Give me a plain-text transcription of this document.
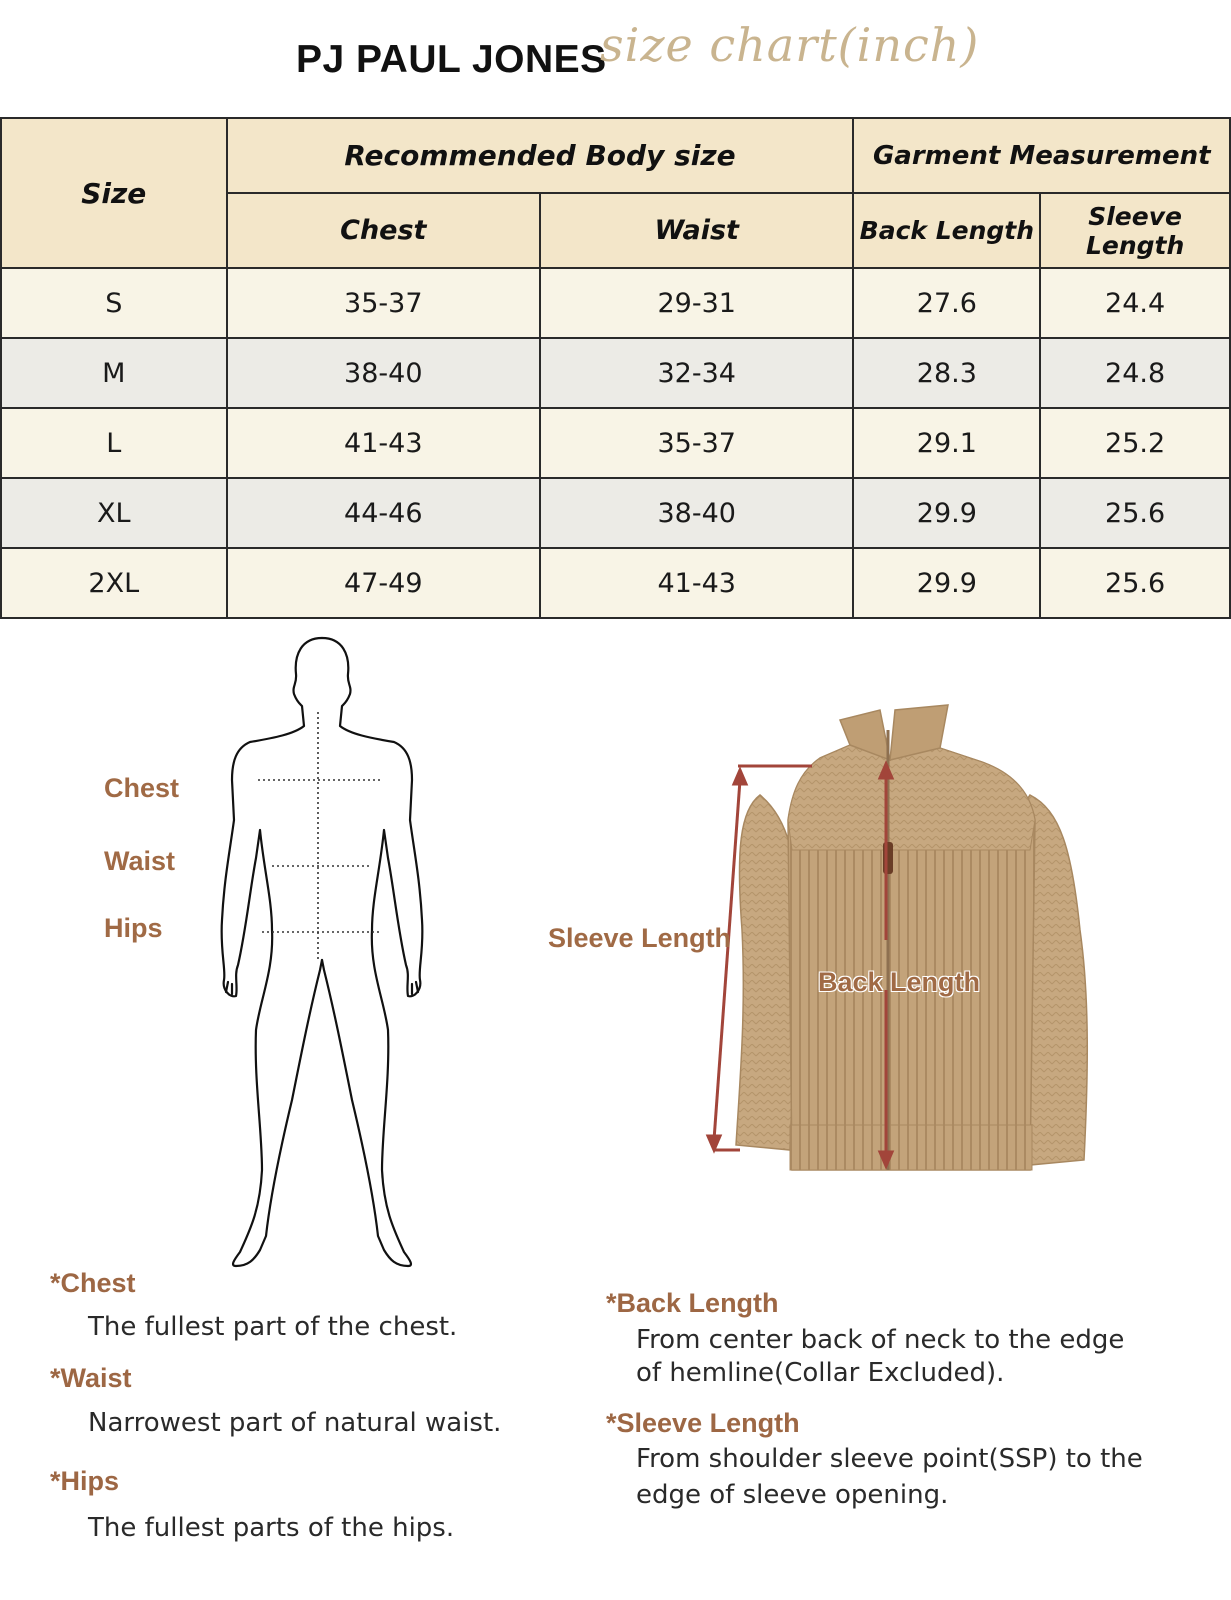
PJ PAUL JONES
size chart(inch)
Size	Recommended Body size		Garment Measurement	
	Chest	Waist	Back Length	Sleeve Length
S	35-37	29-31	27.6	24.4
M	38-40	32-34	28.3	24.8
L	41-43	35-37	29.1	25.2
XL	44-46	38-40	29.9	25.6
2XL	47-49	41-43	29.9	25.6
Chest
Waist
Hips	Sleeve Length
Back Length
*Chest
The fullest part of the chest.
*Waist
Narrowest part of natural waist.
*Hips
The fullest parts of the hips.
*Back Length
From center back of neck to the edge
of hemline(Collar Excluded).
*Sleeve Length
From shoulder sleeve point(SSP) to the
edge of sleeve opening.
